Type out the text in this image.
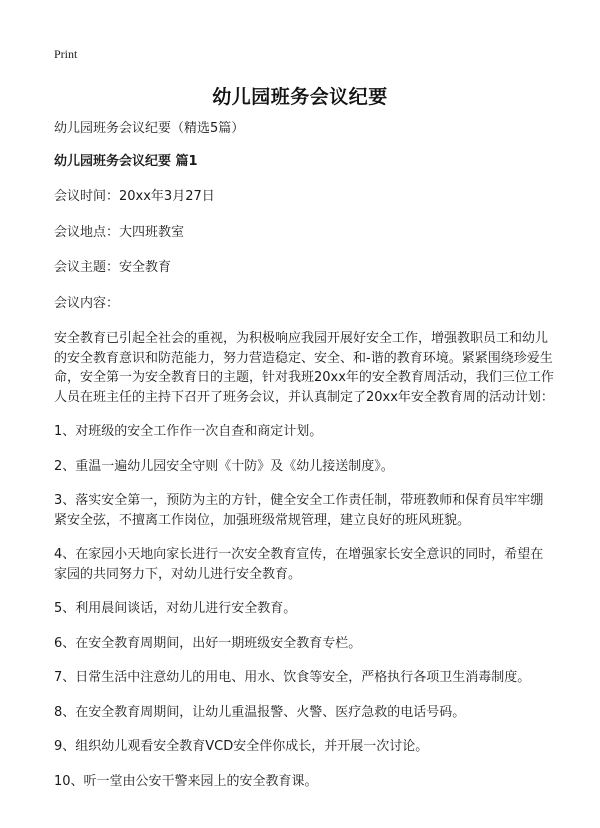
Print
幼儿园班务会议纪要

幼儿园班务会议纪要（精选5篇）

幼儿园班务会议纪要 篇1

会议时间：20xx年3月27日

会议地点：大四班教室

会议主题：安全教育

会议内容：

安全教育已引起全社会的重视，为积极响应我园开展好安全工作，增强教职员工和幼儿的安全教育意识和防范能力，努力营造稳定、安全、和-谐的教育环境。紧紧围绕珍爱生命，安全第一为安全教育日的主题，针对我班20xx年的安全教育周活动，我们三位工作人员在班主任的主持下召开了班务会议，并认真制定了20xx年安全教育周的活动计划：

1、对班级的安全工作作一次自查和商定计划。

2、重温一遍幼儿园安全守则《十防》及《幼儿接送制度》。

3、落实安全第一，预防为主的方针，健全安全工作责任制，带班教师和保育员牢牢绷紧安全弦，不擅离工作岗位，加强班级常规管理，建立良好的班风班貌。

4、在家园小天地向家长进行一次安全教育宣传，在增强家长安全意识的同时，希望在家园的共同努力下，对幼儿进行安全教育。

5、利用晨间谈话，对幼儿进行安全教育。

6、在安全教育周期间，出好一期班级安全教育专栏。

7、日常生活中注意幼儿的用电、用水、饮食等安全，严格执行各项卫生消毒制度。

8、在安全教育周期间，让幼儿重温报警、火警、医疗急救的电话号码。

9、组织幼儿观看安全教育VCD安全伴你成长，并开展一次讨论。

10、听一堂由公安干警来园上的安全教育课。
